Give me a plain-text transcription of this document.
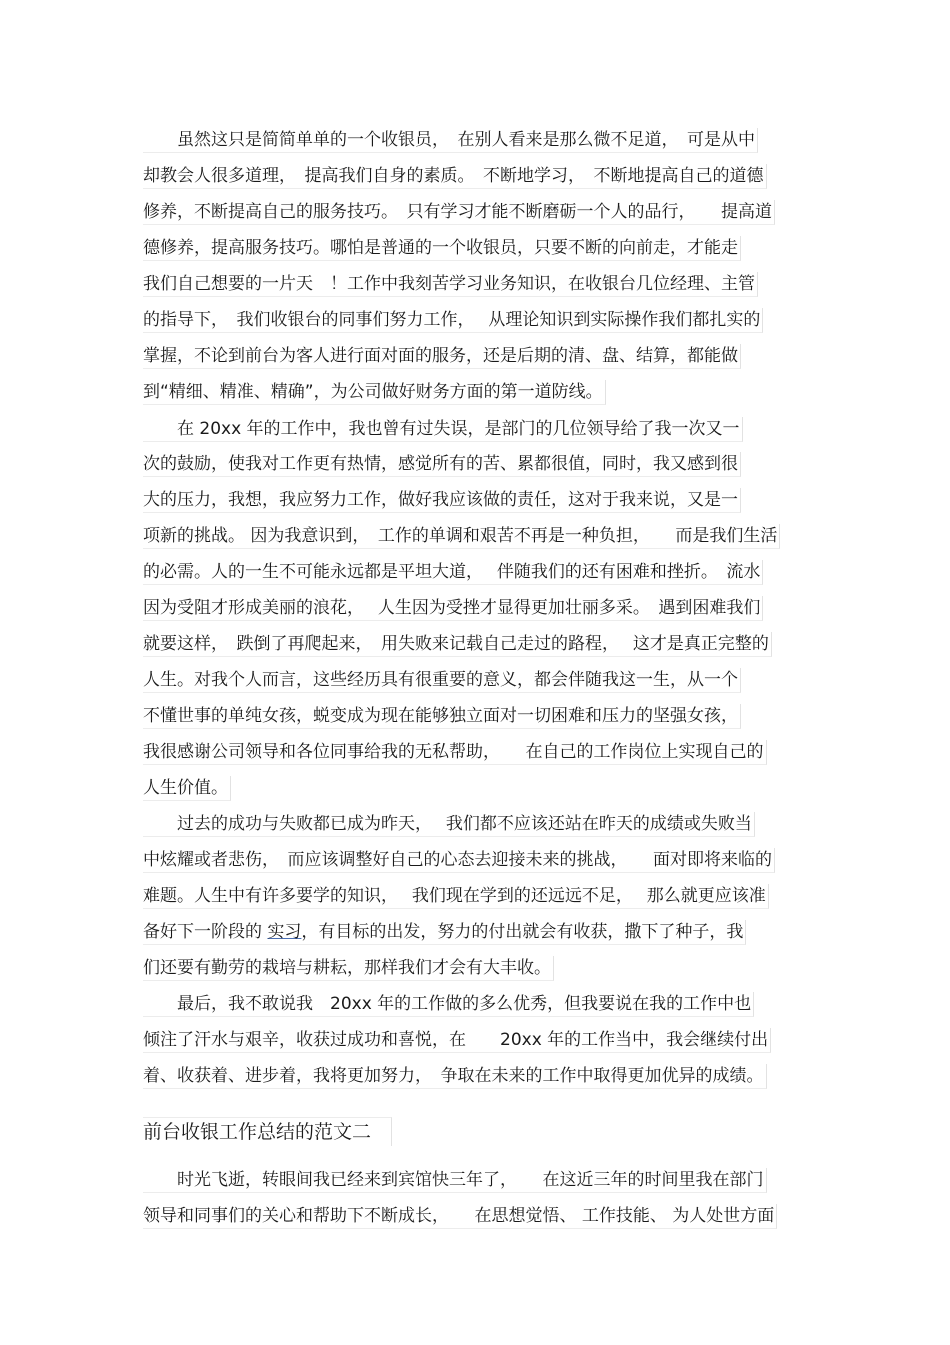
　　虽然这只是简简单单的一个收银员，　在别人看来是那么微不足道，　可是从中
却教会人很多道理，　提高我们自身的素质。　不断地学习，　不断地提高自己的道德
修养，不断提高自己的服务技巧。　只有学习才能不断磨砺一个人的品行，　　提高道
德修养，提高服务技巧。哪怕是普通的一个收银员，只要不断的向前走，才能走
我们自己想要的一片天　！工作中我刻苦学习业务知识，在收银台几位经理、主管
的指导下，　我们收银台的同事们努力工作，　 从理论知识到实际操作我们都扎实的
掌握，不论到前台为客人进行面对面的服务，还是后期的清、盘、结算，都能做
到“精细、精准、精确”，为公司做好财务方面的第一道防线。
　　在 20xx 年的工作中，我也曾有过失误，是部门的几位领导给了我一次又一
次的鼓励，使我对工作更有热情，感觉所有的苦、累都很值，同时，我又感到很
大的压力，我想，我应努力工作，做好我应该做的责任，这对于我来说，又是一
项新的挑战。 因为我意识到，　工作的单调和艰苦不再是一种负担，　　而是我们生活
的必需。人的一生不可能永远都是平坦大道，　 伴随我们的还有困难和挫折。　流水
因为受阻才形成美丽的浪花，　 人生因为受挫才显得更加壮丽多采。　遇到困难我们
就要这样，　跌倒了再爬起来，　用失败来记载自己走过的路程，　 这才是真正完整的
人生。对我个人而言，这些经历具有很重要的意义，都会伴随我这一生，从一个
不懂世事的单纯女孩，蜕变成为现在能够独立面对一切困难和压力的坚强女孩，
我很感谢公司领导和各位同事给我的无私帮助，　　在自己的工作岗位上实现自己的
人生价值。
　　过去的成功与失败都已成为昨天，　 我们都不应该还站在昨天的成绩或失败当
中炫耀或者悲伤，　而应该调整好自己的心态去迎接未来的挑战，　　面对即将来临的
难题。人生中有许多要学的知识，　 我们现在学到的还远远不足，　 那么就更应该准
备好下一阶段的 实习，有目标的出发，努力的付出就会有收获，撒下了种子，我
们还要有勤劳的栽培与耕耘，那样我们才会有大丰收。
　　最后，我不敢说我　20xx 年的工作做的多么优秀，但我要说在我的工作中也
倾注了汗水与艰辛，收获过成功和喜悦，在　　20xx 年的工作当中，我会继续付出
着、收获着、进步着，我将更加努力，　争取在未来的工作中取得更加优异的成绩。
前台收银工作总结的范文二
　　时光飞逝，转眼间我已经来到宾馆快三年了，　　在这近三年的时间里我在部门
领导和同事们的关心和帮助下不断成长，　　在思想觉悟、 工作技能、 为人处世方面
